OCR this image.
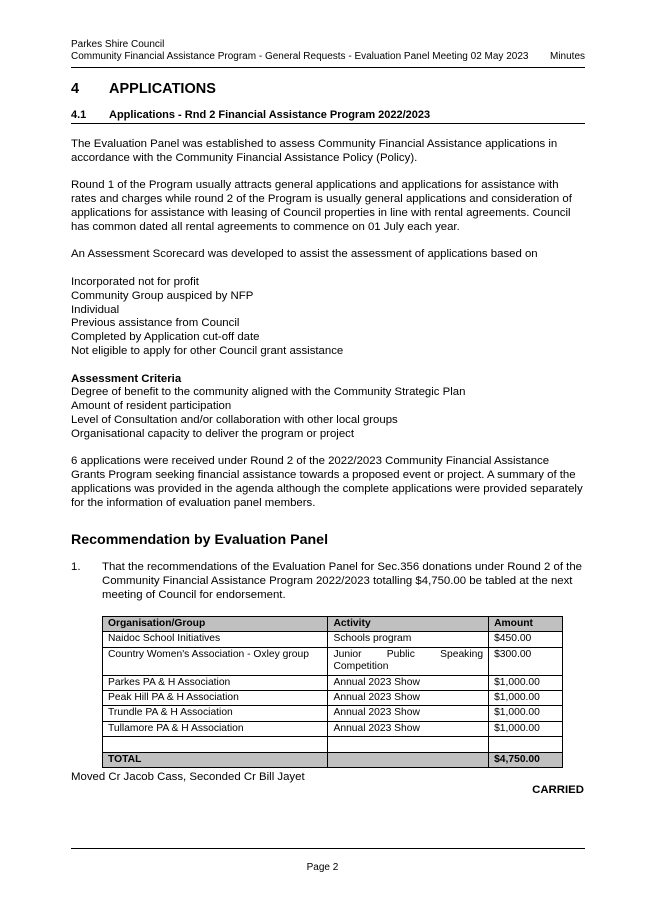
Parkes Shire Council
Community Financial Assistance Program - General Requests - Evaluation Panel Meeting 02 May 2023 Minutes
4 APPLICATIONS
4.1 Applications - Rnd 2 Financial Assistance Program 2022/2023

The Evaluation Panel was established to assess Community Financial Assistance applications in accordance with the Community Financial Assistance Policy (Policy).

Round 1 of the Program usually attracts general applications and applications for assistance with rates and charges while round 2 of the Program is usually general applications and consideration of applications for assistance with leasing of Council properties in line with rental agreements. Council has common dated all rental agreements to commence on 01 July each year.

An Assessment Scorecard was developed to assist the assessment of applications based on

Incorporated not for profit
Community Group auspiced by NFP
Individual
Previous assistance from Council
Completed by Application cut-off date
Not eligible to apply for other Council grant assistance

Assessment Criteria
Degree of benefit to the community aligned with the Community Strategic Plan
Amount of resident participation
Level of Consultation and/or collaboration with other local groups
Organisational capacity to deliver the program or project

6 applications were received under Round 2 of the 2022/2023 Community Financial Assistance Grants Program seeking financial assistance towards a proposed event or project. A summary of the applications was provided in the agenda although the complete applications were provided separately for the information of evaluation panel members.

Recommendation by Evaluation Panel
1.	That the recommendations of the Evaluation Panel for Sec.356 donations under Round 2 of the Community Financial Assistance Program 2022/2023 totalling $4,750.00 be tabled at the next meeting of Council for endorsement.
Organisation/Group	Activity	Amount
Naidoc School Initiatives	Schools program	$450.00
Country Women's Association - Oxley group	Junior Public Speaking Competition	$300.00
Parkes PA & H Association	Annual 2023 Show	$1,000.00
Peak Hill PA & H Association	Annual 2023 Show	$1,000.00
Trundle PA & H Association	Annual 2023 Show	$1,000.00
Tullamore PA & H Association	Annual 2023 Show	$1,000.00

TOTAL		$4,750.00
Moved Cr Jacob Cass, Seconded Cr Bill Jayet
CARRIED
Page 2
